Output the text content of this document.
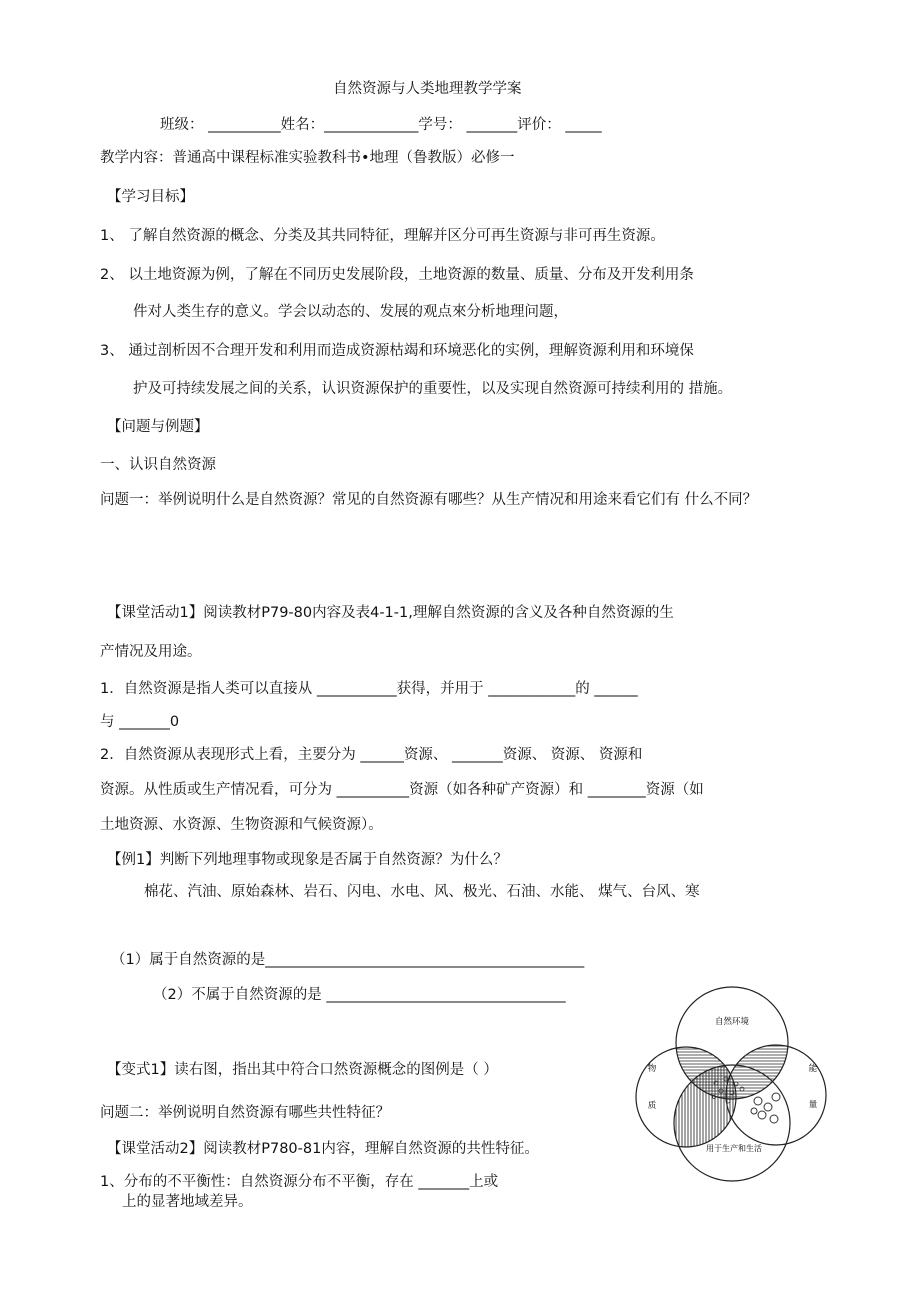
自然资源与人类地理教学学案
班级： __________姓名：_____________学号： _______评价： _____
教学内容：普通高中课程标准实验教科书•地理（鲁教版）必修一
【学习目标】
1、 了解自然资源的概念、分类及其共同特征，理解并区分可再生资源与非可再生资源。
2、 以土地资源为例，了解在不同历史发展阶段，土地资源的数量、质量、分布及开发利用条
件对人类生存的意义。学会以动态的、发展的观点來分析地理问题，
3、 通过剖析因不合理开发和利用而造成资源枯竭和环境恶化的实例，理解资源利用和环境保
护及可持续发展之间的关系，认识资源保护的重要性，以及实现自然资源可持续利用的 措施。
【问题与例题】
一、认识自然资源
问题一：举例说明什么是自然资源？常见的自然资源有哪些？从生产情况和用途来看它们有 什么不同？
【课堂活动1】阅读教材P79-80内容及表4-1-1,理解自然资源的含义及各种自然资源的生
产情况及用途。
1．自然资源是指人类可以直接从 ___________获得，并用于 ____________的 ______
与 _______0
2．自然资源从表现形式上看，主要分为 ______资源、 _______资源、 资源、 资源和
资源。从性质或生产情况看，可分为 __________资源（如各种矿产资源）和 ________资源（如
土地资源、水资源、生物资源和气候资源）。
【例1】判断下列地理事物或现象是否属于自然资源？为什么？
棉花、汽油、原始森林、岩石、闪电、水电、风、极光、石油、水能、 煤气、台风、寒
（1）属于自然资源的是____________________________________________
（2）不属于自然资源的是 _________________________________
【变式1】读右图，指出其中符合口然资源概念的图例是（ ）
问题二：举例说明自然资源有哪些共性特征？
【课堂活动2】阅读教材P780-81内容，理解自然资源的共性特征。
1、分布的不平衡性：自然资源分布不平衡，存在 _______上或
上的显著地域差异。
自然环境
物
质
能
量
用于生产和生活
